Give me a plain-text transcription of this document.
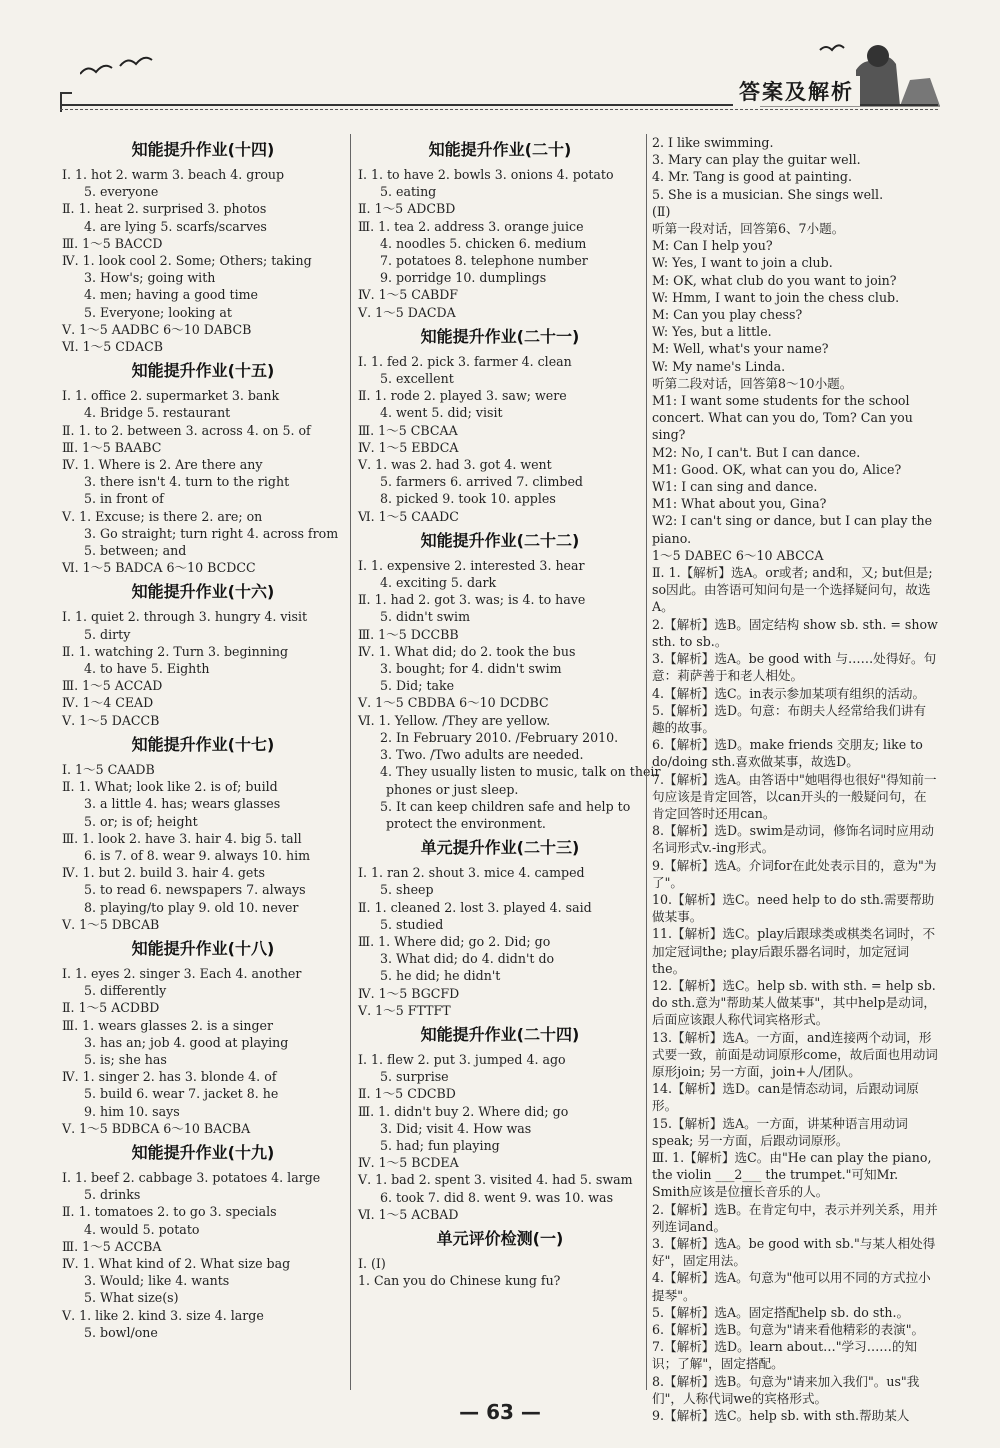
答案及解析
知能提升作业(十四)
Ⅰ. 1. hot 2. warm 3. beach 4. group
5. everyone
Ⅱ. 1. heat 2. surprised 3. photos
4. are lying 5. scarfs/scarves
Ⅲ. 1～5 BACCD
Ⅳ. 1. look cool 2. Some; Others; taking
3. How's; going with
4. men; having a good time
5. Everyone; looking at
Ⅴ. 1～5 AADBC 6～10 DABCB
Ⅵ. 1～5 CDACB
知能提升作业(十五)
Ⅰ. 1. office 2. supermarket 3. bank
4. Bridge 5. restaurant
Ⅱ. 1. to 2. between 3. across 4. on 5. of
Ⅲ. 1～5 BAABC
Ⅳ. 1. Where is 2. Are there any
3. there isn't 4. turn to the right
5. in front of
Ⅴ. 1. Excuse; is there 2. are; on
3. Go straight; turn right 4. across from
5. between; and
Ⅵ. 1～5 BADCA 6～10 BCDCC
知能提升作业(十六)
Ⅰ. 1. quiet 2. through 3. hungry 4. visit
5. dirty
Ⅱ. 1. watching 2. Turn 3. beginning
4. to have 5. Eighth
Ⅲ. 1～5 ACCAD
Ⅳ. 1～4 CEAD
Ⅴ. 1～5 DACCB
知能提升作业(十七)
Ⅰ. 1～5 CAADB
Ⅱ. 1. What; look like 2. is of; build
3. a little 4. has; wears glasses
5. or; is of; height
Ⅲ. 1. look 2. have 3. hair 4. big 5. tall
6. is 7. of 8. wear 9. always 10. him
Ⅳ. 1. but 2. build 3. hair 4. gets
5. to read 6. newspapers 7. always
8. playing/to play 9. old 10. never
Ⅴ. 1～5 DBCAB
知能提升作业(十八)
Ⅰ. 1. eyes 2. singer 3. Each 4. another
5. differently
Ⅱ. 1～5 ACDBD
Ⅲ. 1. wears glasses 2. is a singer
3. has an; job 4. good at playing
5. is; she has
Ⅳ. 1. singer 2. has 3. blonde 4. of
5. build 6. wear 7. jacket 8. he
9. him 10. says
Ⅴ. 1～5 BDBCA 6～10 BACBA
知能提升作业(十九)
Ⅰ. 1. beef 2. cabbage 3. potatoes 4. large
5. drinks
Ⅱ. 1. tomatoes 2. to go 3. specials
4. would 5. potato
Ⅲ. 1～5 ACCBA
Ⅳ. 1. What kind of 2. What size bag
3. Would; like 4. wants
5. What size(s)
Ⅴ. 1. like 2. kind 3. size 4. large
5. bowl/one
知能提升作业(二十)
Ⅰ. 1. to have 2. bowls 3. onions 4. potato
5. eating
Ⅱ. 1～5 ADCBD
Ⅲ. 1. tea 2. address 3. orange juice
4. noodles 5. chicken 6. medium
7. potatoes 8. telephone number
9. porridge 10. dumplings
Ⅳ. 1～5 CABDF
Ⅴ. 1～5 DACDA
知能提升作业(二十一)
Ⅰ. 1. fed 2. pick 3. farmer 4. clean
5. excellent
Ⅱ. 1. rode 2. played 3. saw; were
4. went 5. did; visit
Ⅲ. 1～5 CBCAA
Ⅳ. 1～5 EBDCA
Ⅴ. 1. was 2. had 3. got 4. went
5. farmers 6. arrived 7. climbed
8. picked 9. took 10. apples
Ⅵ. 1～5 CAADC
知能提升作业(二十二)
Ⅰ. 1. expensive 2. interested 3. hear
4. exciting 5. dark
Ⅱ. 1. had 2. got 3. was; is 4. to have
5. didn't swim
Ⅲ. 1～5 DCCBB
Ⅳ. 1. What did; do 2. took the bus
3. bought; for 4. didn't swim
5. Did; take
Ⅴ. 1～5 CBDBA 6～10 DCDBC
Ⅵ. 1. Yellow. /They are yellow.
2. In February 2010. /February 2010.
3. Two. /Two adults are needed.
4. They usually listen to music, talk on their
phones or just sleep.
5. It can keep children safe and help to
protect the environment.
单元提升作业(二十三)
Ⅰ. 1. ran 2. shout 3. mice 4. camped
5. sheep
Ⅱ. 1. cleaned 2. lost 3. played 4. said
5. studied
Ⅲ. 1. Where did; go 2. Did; go
3. What did; do 4. didn't do
5. he did; he didn't
Ⅳ. 1～5 BGCFD
Ⅴ. 1～5 FTTFT
知能提升作业(二十四)
Ⅰ. 1. flew 2. put 3. jumped 4. ago
5. surprise
Ⅱ. 1～5 CDCBD
Ⅲ. 1. didn't buy 2. Where did; go
3. Did; visit 4. How was
5. had; fun playing
Ⅳ. 1～5 BCDEA
Ⅴ. 1. bad 2. spent 3. visited 4. had 5. swam
6. took 7. did 8. went 9. was 10. was
Ⅵ. 1～5 ACBAD
单元评价检测(一)
Ⅰ. (Ⅰ)
1. Can you do Chinese kung fu?
2. I like swimming.
3. Mary can play the guitar well.
4. Mr. Tang is good at painting.
5. She is a musician. She sings well.
(Ⅱ)
听第一段对话，回答第6、7小题。
M: Can I help you?
W: Yes, I want to join a club.
M: OK, what club do you want to join?
W: Hmm, I want to join the chess club.
M: Can you play chess?
W: Yes, but a little.
M: Well, what's your name?
W: My name's Linda.
听第二段对话，回答第8～10小题。
M1: I want some students for the school concert. What can you do, Tom? Can you sing?
M2: No, I can't. But I can dance.
M1: Good. OK, what can you do, Alice?
W1: I can sing and dance.
M1: What about you, Gina?
W2: I can't sing or dance, but I can play the piano.
1～5 DABEC 6～10 ABCCA
Ⅱ. 1.【解析】选A。or或者; and和，又; but但是; so因此。由答语可知问句是一个选择疑问句，故选A。
2.【解析】选B。固定结构 show sb. sth. = show sth. to sb.。
3.【解析】选A。be good with 与……处得好。句意：莉萨善于和老人相处。
4.【解析】选C。in表示参加某项有组织的活动。
5.【解析】选D。句意：布朗夫人经常给我们讲有趣的故事。
6.【解析】选D。make friends 交朋友; like to do/doing sth.喜欢做某事，故选D。
7.【解析】选A。由答语中"她唱得也很好"得知前一句应该是肯定回答，以can开头的一般疑问句，在肯定回答时还用can。
8.【解析】选D。swim是动词，修饰名词时应用动名词形式v.-ing形式。
9.【解析】选A。介词for在此处表示目的，意为"为了"。
10.【解析】选C。need help to do sth.需要帮助做某事。
11.【解析】选C。play后跟球类或棋类名词时，不加定冠词the; play后跟乐器名词时，加定冠词the。
12.【解析】选C。help sb. with sth. = help sb. do sth.意为"帮助某人做某事"，其中help是动词，后面应该跟人称代词宾格形式。
13.【解析】选A。一方面，and连接两个动词，形式要一致，前面是动词原形come，故后面也用动词原形join; 另一方面，join+人/团队。
14.【解析】选D。can是情态动词，后跟动词原形。
15.【解析】选A。一方面，讲某种语言用动词speak; 另一方面，后跟动词原形。
Ⅲ. 1.【解析】选C。由"He can play the piano, the violin ___2___ the trumpet."可知Mr. Smith应该是位擅长音乐的人。
2.【解析】选B。在肯定句中，表示并列关系，用并列连词and。
3.【解析】选A。be good with sb."与某人相处得好"，固定用法。
4.【解析】选A。句意为"他可以用不同的方式拉小提琴"。
5.【解析】选A。固定搭配help sb. do sth.。
6.【解析】选B。句意为"请来看他精彩的表演"。
7.【解析】选D。learn about…"学习……的知识；了解"，固定搭配。
8.【解析】选B。句意为"请来加入我们"。us"我们"，人称代词we的宾格形式。
9.【解析】选C。help sb. with sth.帮助某人
— 63 —
